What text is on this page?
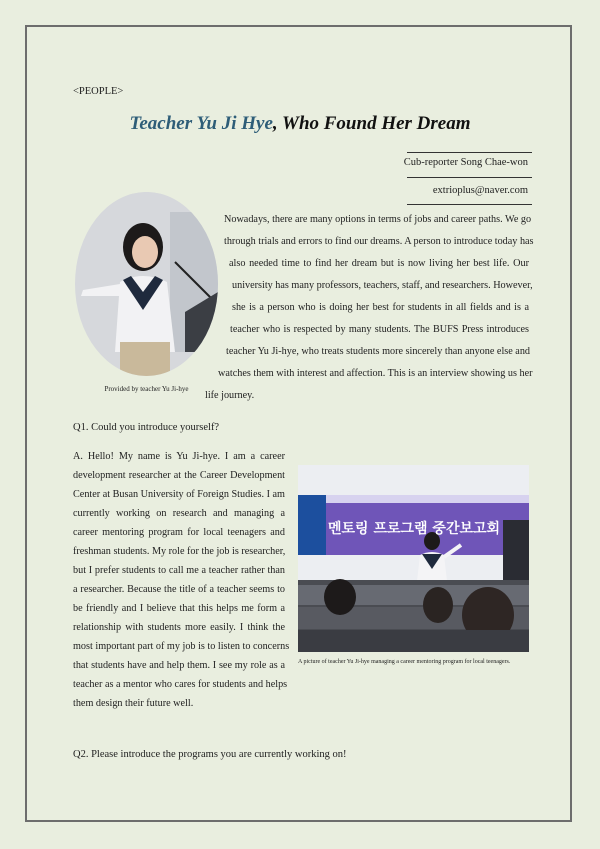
<PEOPLE>
Teacher Yu Ji Hye, Who Found Her Dream
Cub-reporter Song Chae-won
extrioplus@naver.com
Provided by teacher Yu Ji-hye
Nowadays, there are many options in terms of jobs and career paths. We go
through trials and errors to find our dreams. A person to introduce today has
also needed time to find her dream but is now living her best life. Our
university has many professors, teachers, staff, and researchers. However,
she is a person who is doing her best for students in all fields and is a
teacher who is respected by many students. The BUFS Press introduces
teacher Yu Ji-hye, who treats students more sincerely than anyone else and
watches them with interest and affection. This is an interview showing us her
life journey.
Q1. Could you introduce yourself?
A. Hello! My name is Yu Ji-hye. I am a career
development researcher at the Career Development
Center at Busan University of Foreign Studies. I am
currently working on research and managing a
career mentoring program for local teenagers and
freshman students. My role for the job is researcher,
but I prefer students to call me a teacher rather than
a researcher. Because the title of a teacher seems to
be friendly and I believe that this helps me form a
relationship with students more easily. I think the
most important part of my job is to listen to concerns
that students have and help them. I see my role as a
teacher as a mentor who cares for students and helps
them design their future well.
멘토링 프로그램 중간보고회
A picture of teacher Yu Ji-hye managing a career mentoring program for local teenagers.
Q2. Please introduce the programs you are currently working on!
